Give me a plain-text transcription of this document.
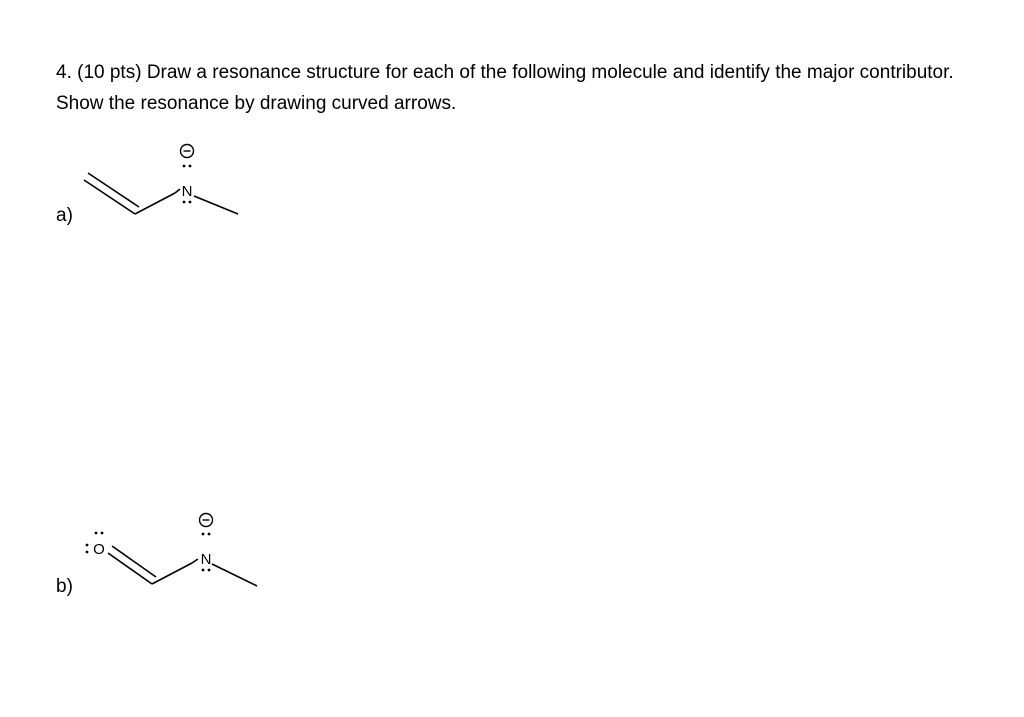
4. (10 pts) Draw a resonance structure for each of the following molecule and identify the major contributor. Show the resonance by drawing curved arrows.

a)
N
b)
O
N
